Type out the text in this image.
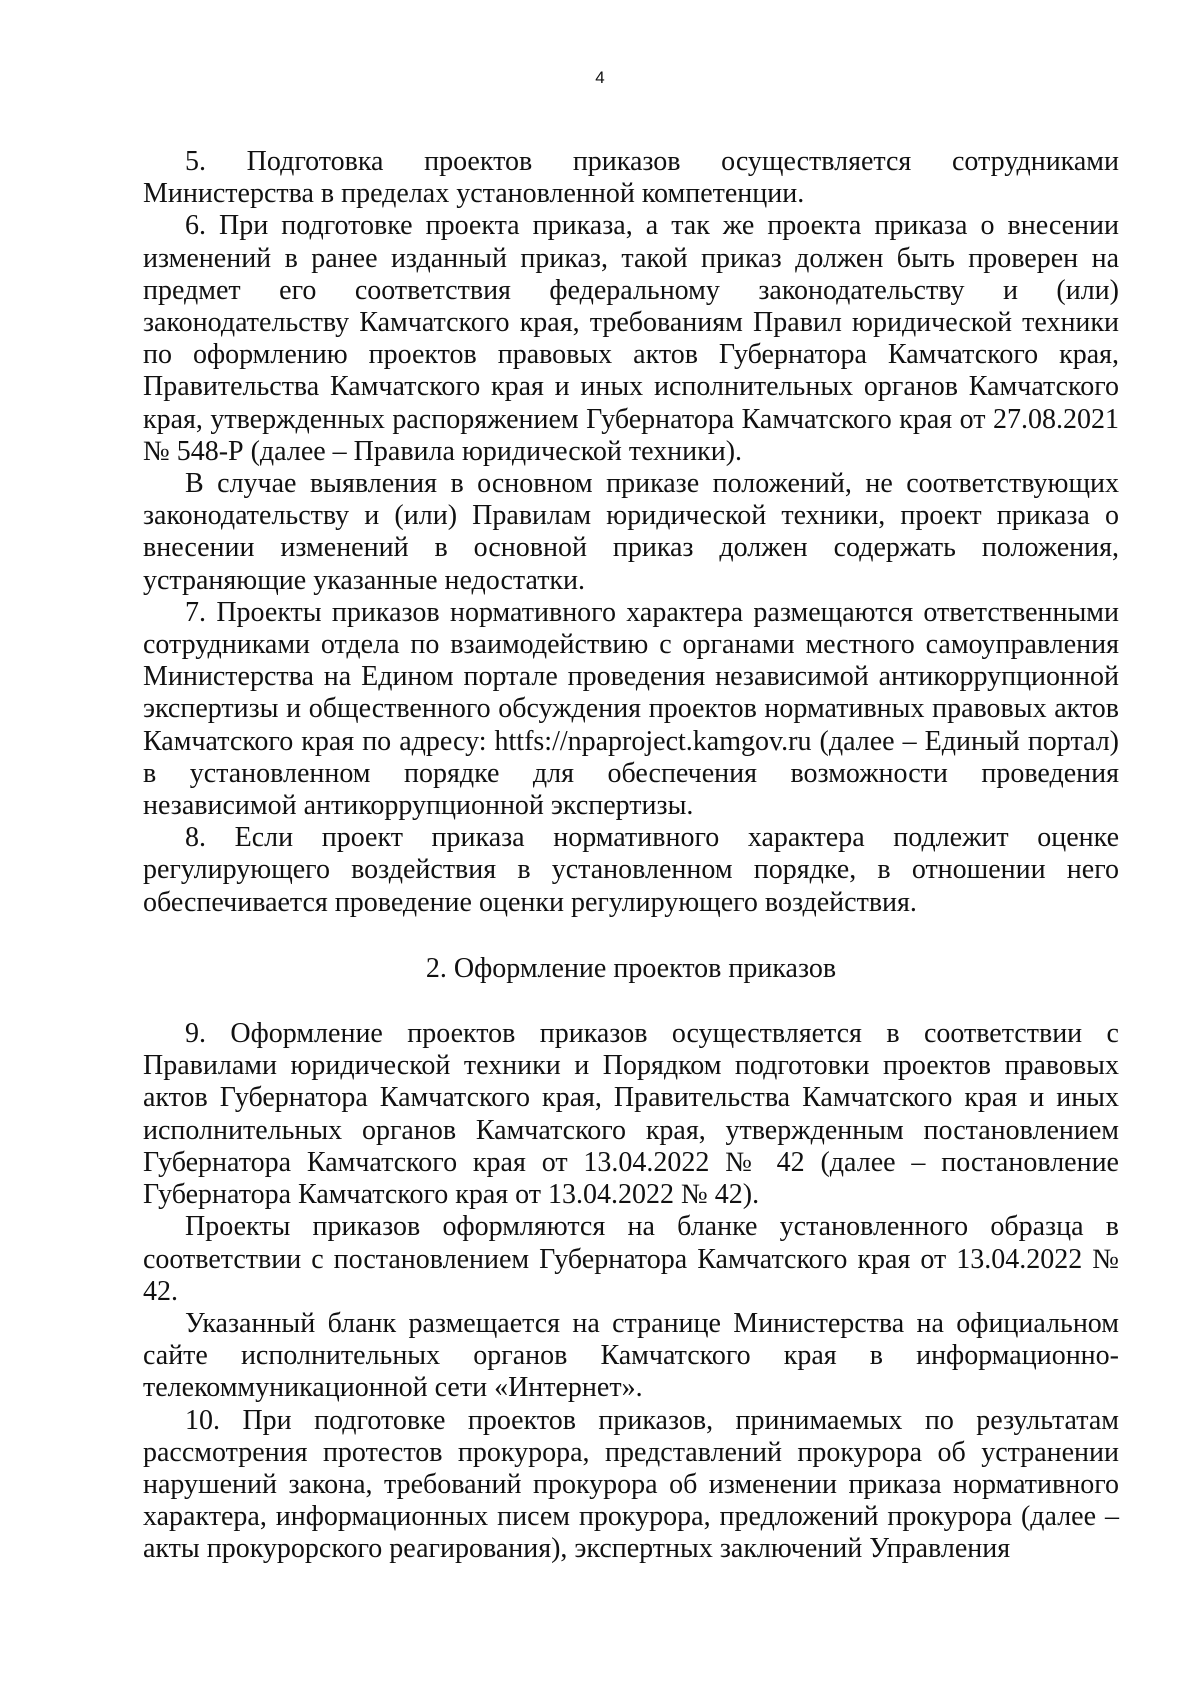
4

5. Подготовка проектов приказов осуществляется сотрудниками Министерства в пределах установленной компетенции.

6. При подготовке проекта приказа, а так же проекта приказа о внесении изменений в ранее изданный приказ, такой приказ должен быть проверен на предмет его соответствия федеральному законодательству и (или) законодательству Камчатского края, требованиям Правил юридической техники по оформлению проектов правовых актов Губернатора Камчатского края, Правительства Камчатского края и иных исполнительных органов Камчатского края, утвержденных распоряжением Губернатора Камчатского края от 27.08.2021 № 548-Р (далее – Правила юридической техники).

В случае выявления в основном приказе положений, не соответствующих законодательству и (или) Правилам юридической техники, проект приказа о внесении изменений в основной приказ должен содержать положения, устраняющие указанные недостатки.

7. Проекты приказов нормативного характера размещаются ответственными сотрудниками отдела по взаимодействию с органами местного самоуправления Министерства на Едином портале проведения независимой антикоррупционной экспертизы и общественного обсуждения проектов нормативных правовых актов Камчатского края по адресу: httfs://npaproject.kamgov.ru (далее – Единый портал) в установленном порядке для обеспечения возможности проведения независимой антикоррупционной экспертизы.

8. Если проект приказа нормативного характера подлежит оценке регулирующего воздействия в установленном порядке, в отношении него обеспечивается проведение оценки регулирующего воздействия.

2. Оформление проектов приказов

9. Оформление проектов приказов осуществляется в соответствии с Правилами юридической техники и Порядком подготовки проектов правовых актов Губернатора Камчатского края, Правительства Камчатского края и иных исполнительных органов Камчатского края, утвержденным постановлением Губернатора Камчатского края от 13.04.2022 № 42 (далее – постановление Губернатора Камчатского края от 13.04.2022 № 42).

Проекты приказов оформляются на бланке установленного образца в соответствии с постановлением Губернатора Камчатского края от 13.04.2022 № 42.

Указанный бланк размещается на странице Министерства на официальном сайте исполнительных органов Камчатского края в информационно-телекоммуникационной сети «Интернет».

10. При подготовке проектов приказов, принимаемых по результатам рассмотрения протестов прокурора, представлений прокурора об устранении нарушений закона, требований прокурора об изменении приказа нормативного характера, информационных писем прокурора, предложений прокурора (далее – акты прокурорского реагирования), экспертных заключений Управления
